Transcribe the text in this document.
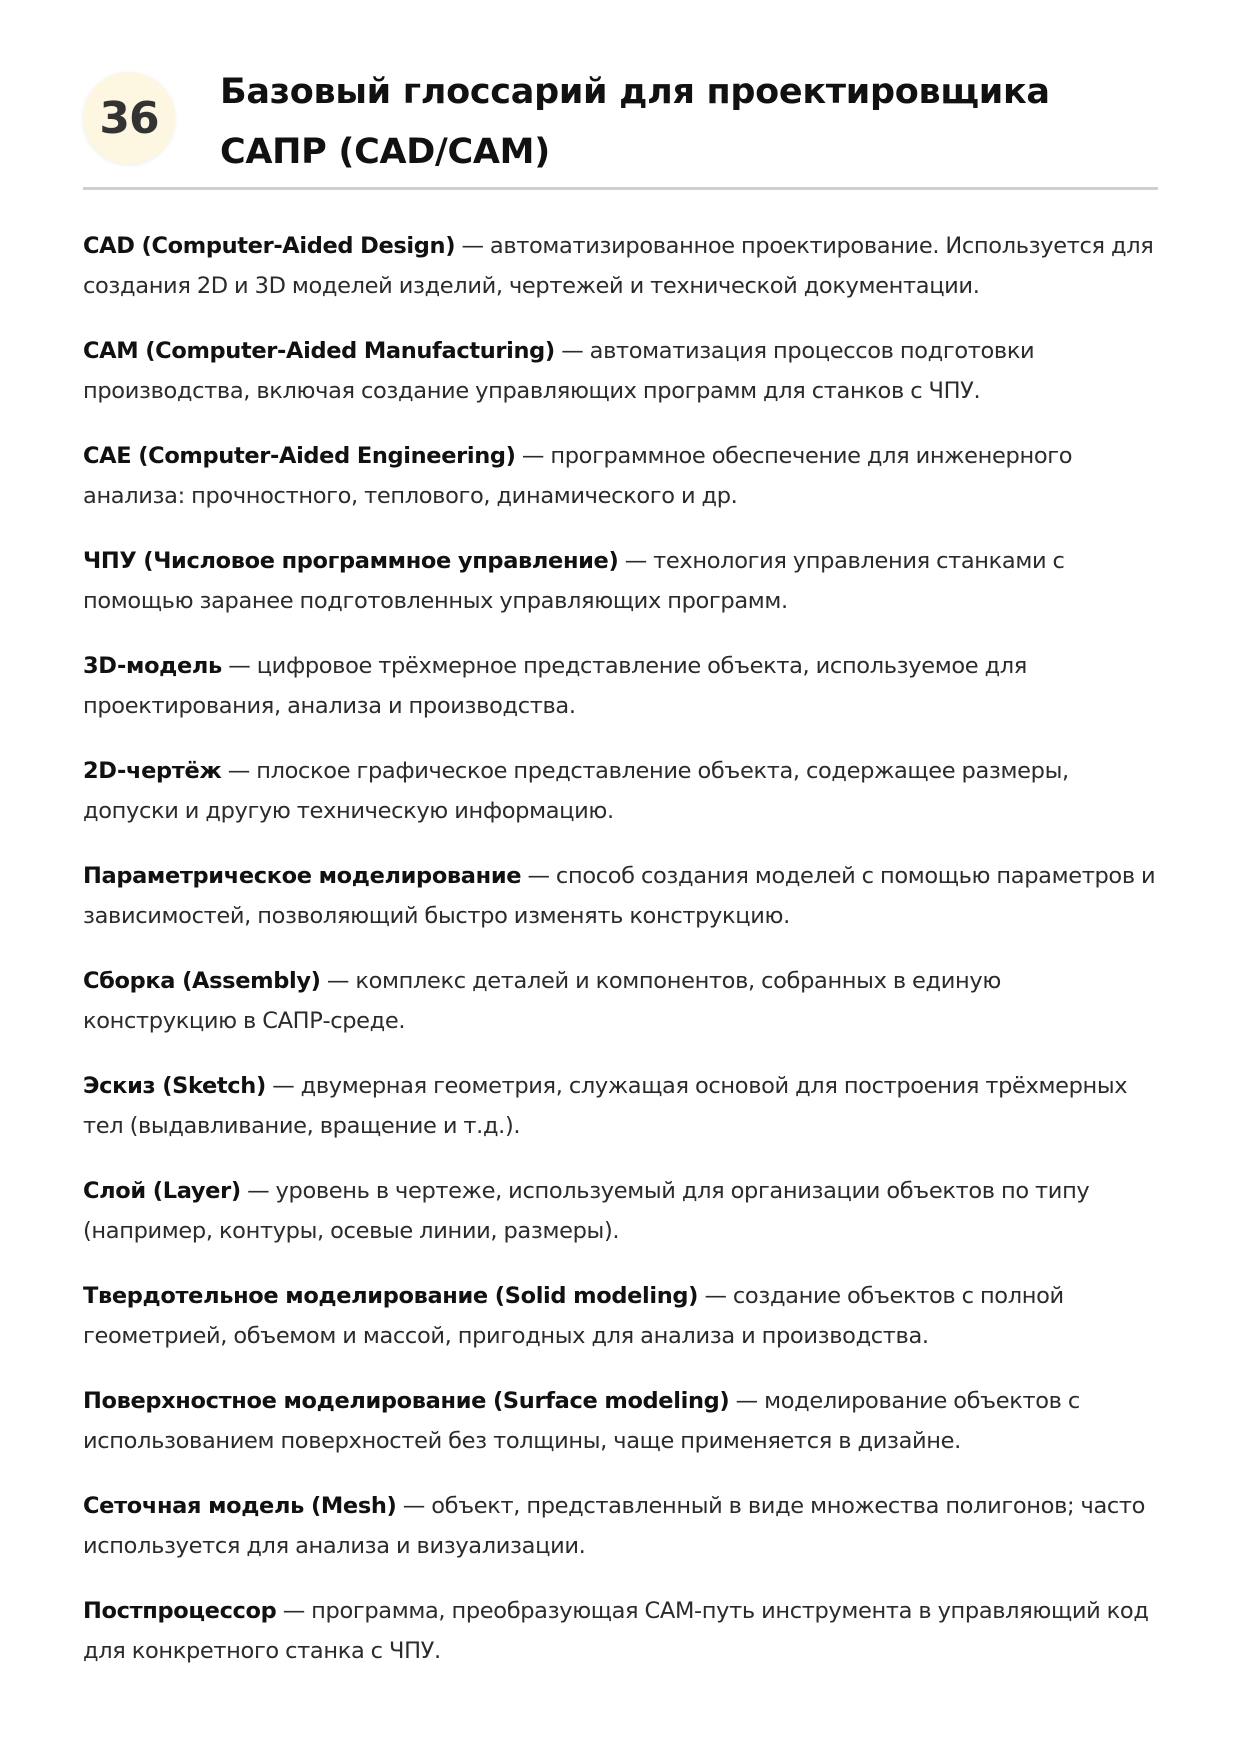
36
Базовый глоссарий для проектировщика САПР (CAD/CAM)
CAD (Computer-Aided Design) — автоматизированное проектирование. Используется для создания 2D и 3D моделей изделий, чертежей и технической документации.
CAM (Computer-Aided Manufacturing) — автоматизация процессов подготовки производства, включая создание управляющих программ для станков с ЧПУ.
CAE (Computer-Aided Engineering) — программное обеспечение для инженерного анализа: прочностного, теплового, динамического и др.
ЧПУ (Числовое программное управление) — технология управления станками с помощью заранее подготовленных управляющих программ.
3D-модель — цифровое трёхмерное представление объекта, используемое для проектирования, анализа и производства.
2D-чертёж — плоское графическое представление объекта, содержащее размеры, допуски и другую техническую информацию.
Параметрическое моделирование — способ создания моделей с помощью параметров и зависимостей, позволяющий быстро изменять конструкцию.
Сборка (Assembly) — комплекс деталей и компонентов, собранных в единую конструкцию в САПР-среде.
Эскиз (Sketch) — двумерная геометрия, служащая основой для построения трёхмерных тел (выдавливание, вращение и т.д.).
Слой (Layer) — уровень в чертеже, используемый для организации объектов по типу (например, контуры, осевые линии, размеры).
Твердотельное моделирование (Solid modeling) — создание объектов с полной геометрией, объемом и массой, пригодных для анализа и производства.
Поверхностное моделирование (Surface modeling) — моделирование объектов с использованием поверхностей без толщины, чаще применяется в дизайне.
Сеточная модель (Mesh) — объект, представленный в виде множества полигонов; часто используется для анализа и визуализации.
Постпроцессор — программа, преобразующая CAM-путь инструмента в управляющий код для конкретного станка с ЧПУ.
